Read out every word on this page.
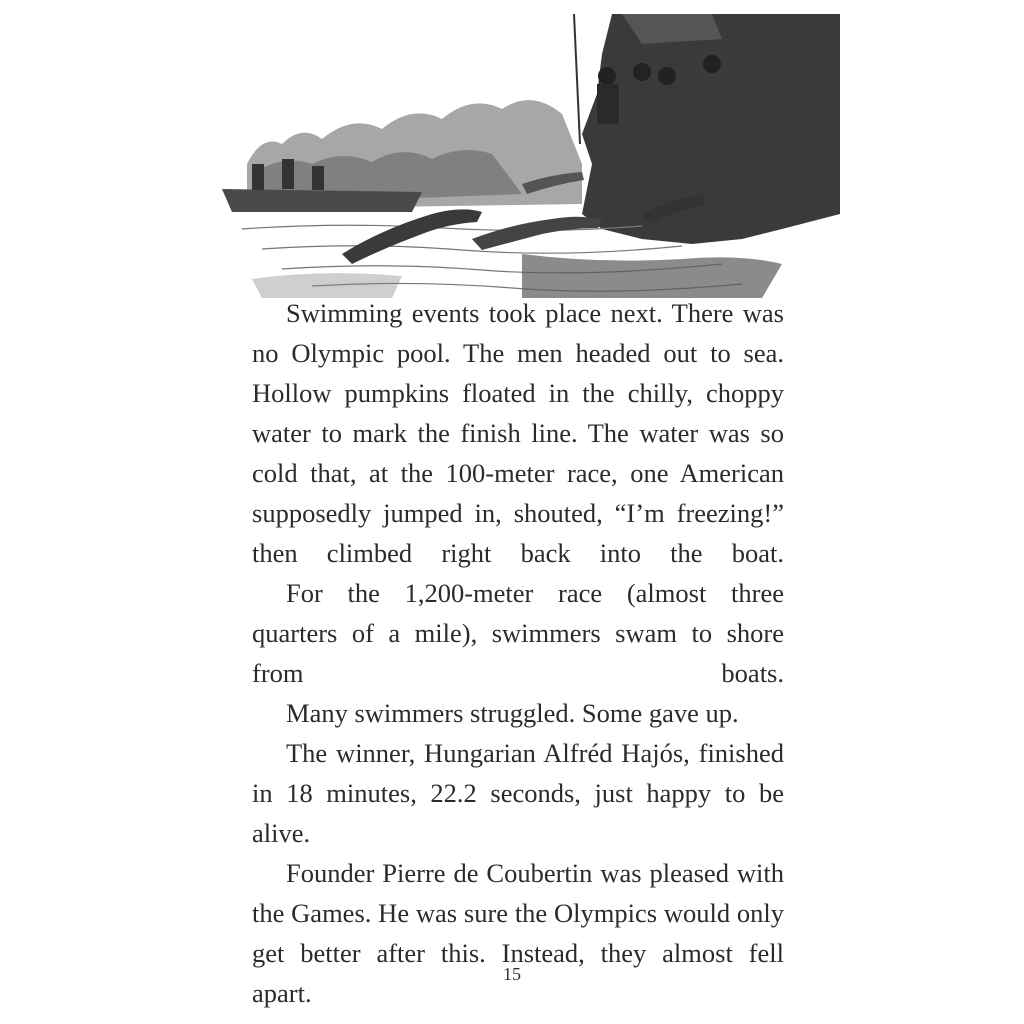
Swimming events took place next. There was no Olympic pool. The men headed out to sea. Hollow pumpkins floated in the chilly, choppy water to mark the finish line. The water was so cold that, at the 100-meter race, one American supposedly jumped in, shouted, “I’m freezing!” then climbed right back into the boat.

For the 1,200-meter race (almost three quarters of a mile), swimmers swam to shore from boats.

Many swimmers struggled. Some gave up.

The winner, Hungarian Alfréd Hajós, finished in 18 minutes, 22.2 seconds, just happy to be alive.

Founder Pierre de Coubertin was pleased with the Games. He was sure the Olympics would only get better after this. Instead, they almost fell apart.

15
